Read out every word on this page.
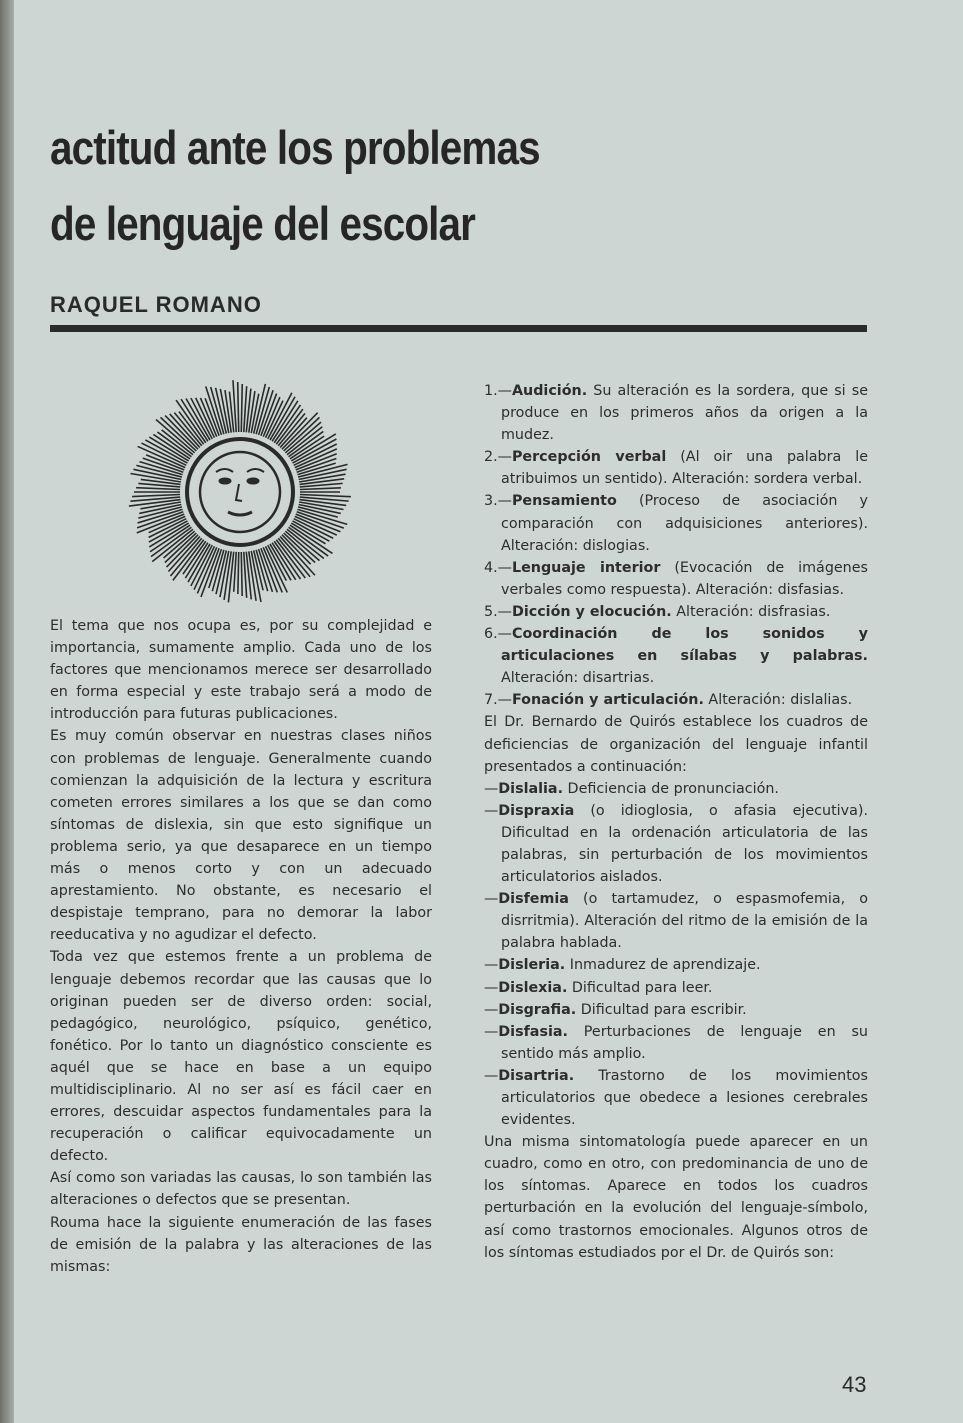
actitud ante los problemas
de lenguaje del escolar
RAQUEL ROMANO

El tema que nos ocupa es, por su complejidad e importancia, sumamente amplio. Cada uno de los factores que mencionamos merece ser desarrollado en forma especial y este trabajo será a modo de introducción para futuras publicaciones.

Es muy común observar en nuestras clases niños con problemas de lenguaje. Generalmente cuando comienzan la adquisición de la lectura y escritura cometen errores similares a los que se dan como síntomas de dislexia, sin que esto signifique un problema serio, ya que desaparece en un tiempo más o menos corto y con un adecuado aprestamiento. No obstante, es necesario el despistaje temprano, para no demorar la labor reeducativa y no agudizar el defecto.

Toda vez que estemos frente a un problema de lenguaje debemos recordar que las causas que lo originan pueden ser de diverso orden: social, pedagógico, neurológico, psíquico, genético, fonético. Por lo tanto un diagnóstico consciente es aquél que se hace en base a un equipo multidisciplinario. Al no ser así es fácil caer en errores, descuidar aspectos fundamentales para la recuperación o calificar equivocadamente un defecto.

Así como son variadas las causas, lo son también las alteraciones o defectos que se presentan.

Rouma hace la siguiente enumeración de las fases de emisión de la palabra y las alteraciones de las mismas:

1.—Audición. Su alteración es la sordera, que si se produce en los primeros años da origen a la mudez.

2.—Percepción verbal (Al oir una palabra le atribuimos un sentido). Alteración: sordera verbal.

3.—Pensamiento (Proceso de asociación y comparación con adquisiciones anteriores). Alteración: dislogias.

4.—Lenguaje interior (Evocación de imágenes verbales como respuesta). Alteración: disfasias.

5.—Dicción y elocución. Alteración: disfrasias.

6.—Coordinación de los sonidos y articulaciones en sílabas y palabras. Alteración: disartrias.

7.—Fonación y articulación. Alteración: dislalias.

El Dr. Bernardo de Quirós establece los cuadros de deficiencias de organización del lenguaje infantil presentados a continuación:

—Dislalia. Deficiencia de pronunciación.

—Dispraxia (o idioglosia, o afasia ejecutiva). Dificultad en la ordenación articulatoria de las palabras, sin perturbación de los movimientos articulatorios aislados.

—Disfemia (o tartamudez, o espasmofemia, o disrritmia). Alteración del ritmo de la emisión de la palabra hablada.

—Disleria. Inmadurez de aprendizaje.

—Dislexia. Dificultad para leer.

—Disgrafia. Dificultad para escribir.

—Disfasia. Perturbaciones de lenguaje en su sentido más amplio.

—Disartria. Trastorno de los movimientos articulatorios que obedece a lesiones cerebrales evidentes.

Una misma sintomatología puede aparecer en un cuadro, como en otro, con predominancia de uno de los síntomas. Aparece en todos los cuadros perturbación en la evolución del lenguaje-símbolo, así como trastornos emocionales. Algunos otros de los síntomas estudiados por el Dr. de Quirós son:

43
